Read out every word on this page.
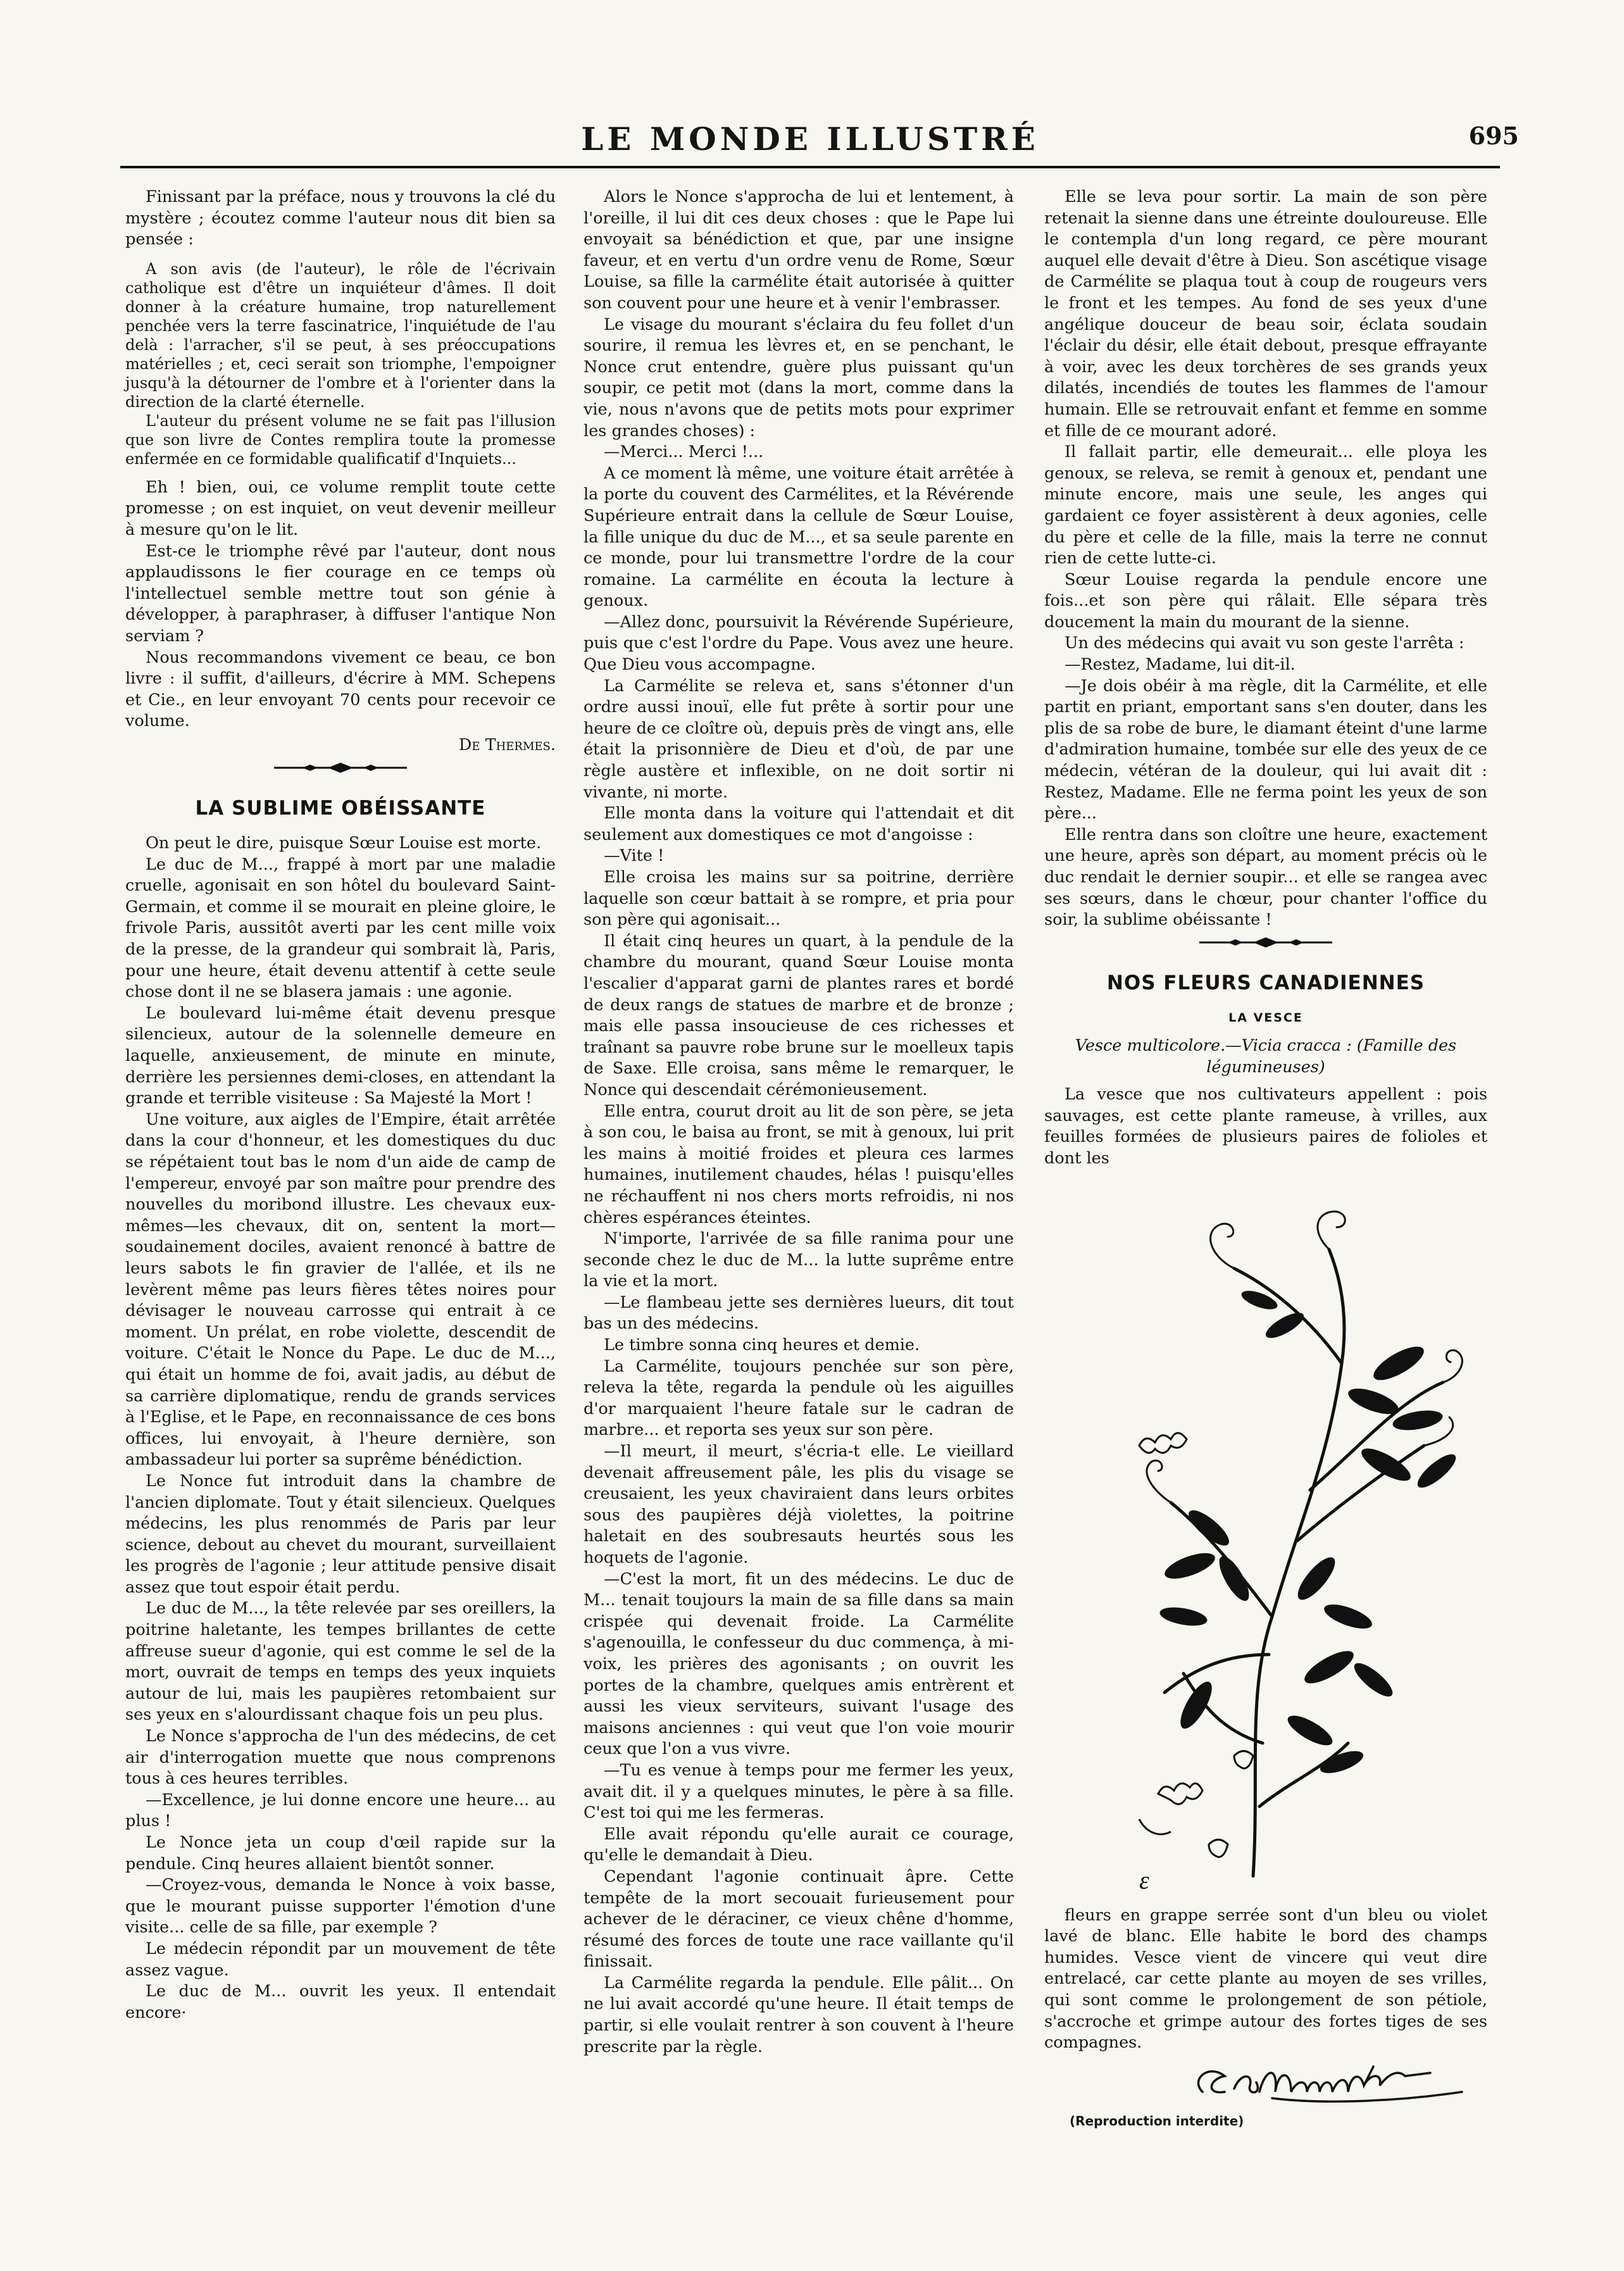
LE MONDE ILLUSTRÉ	695

Finissant par la préface, nous y trouvons la clé du mystère ; écoutez comme l'auteur nous dit bien sa pensée :

A son avis (de l'auteur), le rôle de l'écrivain catholique est d'être un inquiéteur d'âmes. Il doit donner à la créature humaine, trop naturellement penchée vers la terre fascinatrice, l'inquiétude de l'au delà : l'arracher, s'il se peut, à ses préoccupations matérielles ; et, ceci serait son triomphe, l'empoigner jusqu'à la détourner de l'ombre et à l'orienter dans la direction de la clarté éternelle.

L'auteur du présent volume ne se fait pas l'illusion que son livre de Contes remplira toute la promesse enfermée en ce formidable qualificatif d'Inquiets...

Eh ! bien, oui, ce volume remplit toute cette promesse ; on est inquiet, on veut devenir meilleur à mesure qu'on le lit.

Est-ce le triomphe rêvé par l'auteur, dont nous applaudissons le fier courage en ce temps où l'intellectuel semble mettre tout son génie à développer, à paraphraser, à diffuser l'antique Non serviam ?

Nous recommandons vivement ce beau, ce bon livre : il suffit, d'ailleurs, d'écrire à MM. Schepens et Cie., en leur envoyant 70 cents pour recevoir ce volume.

De Thermes.

LA SUBLIME OBÉISSANTE

On peut le dire, puisque Sœur Louise est morte.

Le duc de M..., frappé à mort par une maladie cruelle, agonisait en son hôtel du boulevard Saint-Germain, et comme il se mourait en pleine gloire, le frivole Paris, aussitôt averti par les cent mille voix de la presse, de la grandeur qui sombrait là, Paris, pour une heure, était devenu attentif à cette seule chose dont il ne se blasera jamais : une agonie.

Le boulevard lui-même était devenu presque silencieux, autour de la solennelle demeure en laquelle, anxieusement, de minute en minute, derrière les persiennes demi-closes, en attendant la grande et terrible visiteuse : Sa Majesté la Mort !

Une voiture, aux aigles de l'Empire, était arrêtée dans la cour d'honneur, et les domestiques du duc se répétaient tout bas le nom d'un aide de camp de l'empereur, envoyé par son maître pour prendre des nouvelles du moribond illustre. Les chevaux eux-mêmes—les chevaux, dit on, sentent la mort—soudainement dociles, avaient renoncé à battre de leurs sabots le fin gravier de l'allée, et ils ne levèrent même pas leurs fières têtes noires pour dévisager le nouveau carrosse qui entrait à ce moment. Un prélat, en robe violette, descendit de voiture. C'était le Nonce du Pape. Le duc de M..., qui était un homme de foi, avait jadis, au début de sa carrière diplomatique, rendu de grands services à l'Eglise, et le Pape, en reconnaissance de ces bons offices, lui envoyait, à l'heure dernière, son ambassadeur lui porter sa suprême bénédiction.

Le Nonce fut introduit dans la chambre de l'ancien diplomate. Tout y était silencieux. Quelques médecins, les plus renommés de Paris par leur science, debout au chevet du mourant, surveillaient les progrès de l'agonie ; leur attitude pensive disait assez que tout espoir était perdu.

Le duc de M..., la tête relevée par ses oreillers, la poitrine haletante, les tempes brillantes de cette affreuse sueur d'agonie, qui est comme le sel de la mort, ouvrait de temps en temps des yeux inquiets autour de lui, mais les paupières retombaient sur ses yeux en s'alourdissant chaque fois un peu plus.

Le Nonce s'approcha de l'un des médecins, de cet air d'interrogation muette que nous comprenons tous à ces heures terribles.

—Excellence, je lui donne encore une heure... au plus !

Le Nonce jeta un coup d'œil rapide sur la pendule. Cinq heures allaient bientôt sonner.

—Croyez-vous, demanda le Nonce à voix basse, que le mourant puisse supporter l'émotion d'une visite... celle de sa fille, par exemple ?

Le médecin répondit par un mouvement de tête assez vague.

Le duc de M... ouvrit les yeux. Il entendait encore·

Alors le Nonce s'approcha de lui et lentement, à l'oreille, il lui dit ces deux choses : que le Pape lui envoyait sa bénédiction et que, par une insigne faveur, et en vertu d'un ordre venu de Rome, Sœur Louise, sa fille la carmélite était autorisée à quitter son couvent pour une heure et à venir l'embrasser.

Le visage du mourant s'éclaira du feu follet d'un sourire, il remua les lèvres et, en se penchant, le Nonce crut entendre, guère plus puissant qu'un soupir, ce petit mot (dans la mort, comme dans la vie, nous n'avons que de petits mots pour exprimer les grandes choses) :

—Merci... Merci !...

A ce moment là même, une voiture était arrêtée à la porte du couvent des Carmélites, et la Révérende Supérieure entrait dans la cellule de Sœur Louise, la fille unique du duc de M..., et sa seule parente en ce monde, pour lui transmettre l'ordre de la cour romaine. La carmélite en écouta la lecture à genoux.

—Allez donc, poursuivit la Révérende Supérieure, puis que c'est l'ordre du Pape. Vous avez une heure. Que Dieu vous accompagne.

La Carmélite se releva et, sans s'étonner d'un ordre aussi inouï, elle fut prête à sortir pour une heure de ce cloître où, depuis près de vingt ans, elle était la prisonnière de Dieu et d'où, de par une règle austère et inflexible, on ne doit sortir ni vivante, ni morte.

Elle monta dans la voiture qui l'attendait et dit seulement aux domestiques ce mot d'angoisse :

—Vite !

Elle croisa les mains sur sa poitrine, derrière laquelle son cœur battait à se rompre, et pria pour son père qui agonisait...

Il était cinq heures un quart, à la pendule de la chambre du mourant, quand Sœur Louise monta l'escalier d'apparat garni de plantes rares et bordé de deux rangs de statues de marbre et de bronze ; mais elle passa insoucieuse de ces richesses et traînant sa pauvre robe brune sur le moelleux tapis de Saxe. Elle croisa, sans même le remarquer, le Nonce qui descendait cérémonieusement.

Elle entra, courut droit au lit de son père, se jeta à son cou, le baisa au front, se mit à genoux, lui prit les mains à moitié froides et pleura ces larmes humaines, inutilement chaudes, hélas ! puisqu'elles ne réchauffent ni nos chers morts refroidis, ni nos chères espérances éteintes.

N'importe, l'arrivée de sa fille ranima pour une seconde chez le duc de M... la lutte suprême entre la vie et la mort.

—Le flambeau jette ses dernières lueurs, dit tout bas un des médecins.

Le timbre sonna cinq heures et demie.

La Carmélite, toujours penchée sur son père, releva la tête, regarda la pendule où les aiguilles d'or marquaient l'heure fatale sur le cadran de marbre... et reporta ses yeux sur son père.

—Il meurt, il meurt, s'écria-t elle. Le vieillard devenait affreusement pâle, les plis du visage se creusaient, les yeux chaviraient dans leurs orbites sous des paupières déjà violettes, la poitrine haletait en des soubresauts heurtés sous les hoquets de l'agonie.

—C'est la mort, fit un des médecins. Le duc de M... tenait toujours la main de sa fille dans sa main crispée qui devenait froide. La Carmélite s'agenouilla, le confesseur du duc commença, à mi-voix, les prières des agonisants ; on ouvrit les portes de la chambre, quelques amis entrèrent et aussi les vieux serviteurs, suivant l'usage des maisons anciennes : qui veut que l'on voie mourir ceux que l'on a vus vivre.

—Tu es venue à temps pour me fermer les yeux, avait dit. il y a quelques minutes, le père à sa fille. C'est toi qui me les fermeras.

Elle avait répondu qu'elle aurait ce courage, qu'elle le demandait à Dieu.

Cependant l'agonie continuait âpre. Cette tempête de la mort secouait furieusement pour achever de le déraciner, ce vieux chêne d'homme, résumé des forces de toute une race vaillante qu'il finissait.

La Carmélite regarda la pendule. Elle pâlit... On ne lui avait accordé qu'une heure. Il était temps de partir, si elle voulait rentrer à son couvent à l'heure prescrite par la règle.

Elle se leva pour sortir. La main de son père retenait la sienne dans une étreinte douloureuse. Elle le contempla d'un long regard, ce père mourant auquel elle devait d'être à Dieu. Son ascétique visage de Carmélite se plaqua tout à coup de rougeurs vers le front et les tempes. Au fond de ses yeux d'une angélique douceur de beau soir, éclata soudain l'éclair du désir, elle était debout, presque effrayante à voir, avec les deux torchères de ses grands yeux dilatés, incendiés de toutes les flammes de l'amour humain. Elle se retrouvait enfant et femme en somme et fille de ce mourant adoré.

Il fallait partir, elle demeurait... elle ploya les genoux, se releva, se remit à genoux et, pendant une minute encore, mais une seule, les anges qui gardaient ce foyer assistèrent à deux agonies, celle du père et celle de la fille, mais la terre ne connut rien de cette lutte-ci.

Sœur Louise regarda la pendule encore une fois...et son père qui râlait. Elle sépara très doucement la main du mourant de la sienne.

Un des médecins qui avait vu son geste l'arrêta :

—Restez, Madame, lui dit-il.

—Je dois obéir à ma règle, dit la Carmélite, et elle partit en priant, emportant sans s'en douter, dans les plis de sa robe de bure, le diamant éteint d'une larme d'admiration humaine, tombée sur elle des yeux de ce médecin, vétéran de la douleur, qui lui avait dit : Restez, Madame. Elle ne ferma point les yeux de son père...

Elle rentra dans son cloître une heure, exactement une heure, après son départ, au moment précis où le duc rendait le dernier soupir... et elle se rangea avec ses sœurs, dans le chœur, pour chanter l'office du soir, la sublime obéissante !

NOS FLEURS CANADIENNES
LA VESCE

Vesce multicolore.—Vicia cracca : (Famille des légumineuses)

La vesce que nos cultivateurs appellent : pois sauvages, est cette plante rameuse, à vrilles, aux feuilles formées de plusieurs paires de folioles et dont les

ε

fleurs en grappe serrée sont d'un bleu ou violet lavé de blanc. Elle habite le bord des champs humides. Vesce vient de vincere qui veut dire entrelacé, car cette plante au moyen de ses vrilles, qui sont comme le prolongement de son pétiole, s'accroche et grimpe autour des fortes tiges de ses compagnes.

(Reproduction interdite)
